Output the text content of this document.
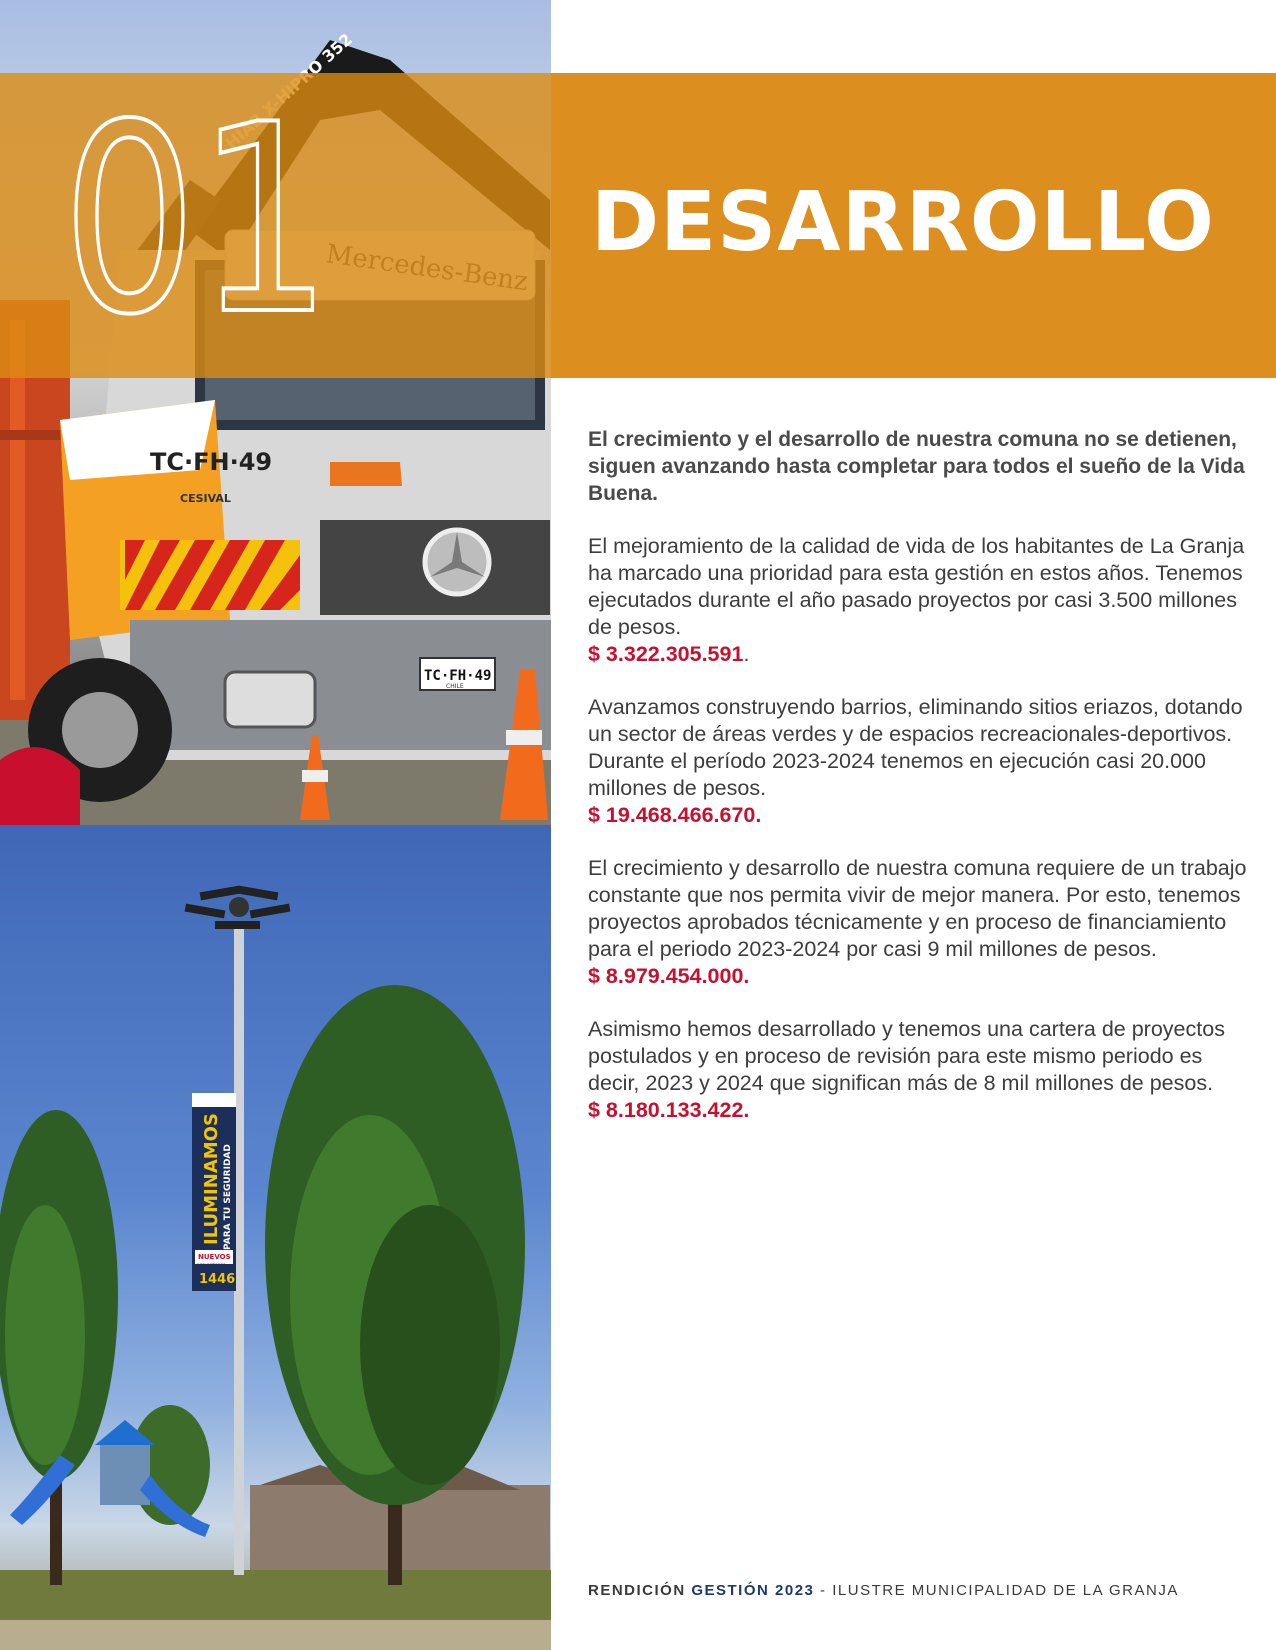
TC·FH·49
CESIVAL
TC·FH·49
CHILE
01
ILUMINAMOS PARA TU SEGURIDAD
NUEVOS
REFLECTORES
1446
DESARROLLO

El crecimiento y el desarrollo de nuestra comuna no se detienen, siguen avanzando hasta completar para todos el sueño de la Vida Buena.

El mejoramiento de la calidad de vida de los habitantes de La Granja ha marcado una prioridad para esta gestión en estos años. Tenemos ejecutados durante el año pasado proyectos por casi 3.500 millones de pesos.

$ 3.322.305.591.

Avanzamos construyendo barrios, eliminando sitios eriazos, dotando un sector de áreas verdes y de espacios recreacionales-deportivos.

Durante el período 2023-2024 tenemos en ejecución casi 20.000 millones de pesos.

$ 19.468.466.670.

El crecimiento y desarrollo de nuestra comuna requiere de un trabajo constante que nos permita vivir de mejor manera. Por esto, tenemos proyectos aprobados técnicamente y en proceso de financiamiento para el periodo 2023-2024 por casi 9 mil millones de pesos.

$ 8.979.454.000.

Asimismo hemos desarrollado y tenemos una cartera de proyectos postulados y en proceso de revisión para este mismo periodo es decir, 2023 y 2024 que significan más de 8 mil millones de pesos.

$ 8.180.133.422.

RENDICIÓN GESTIÓN 2023 - ILUSTRE MUNICIPALIDAD DE LA GRANJA
